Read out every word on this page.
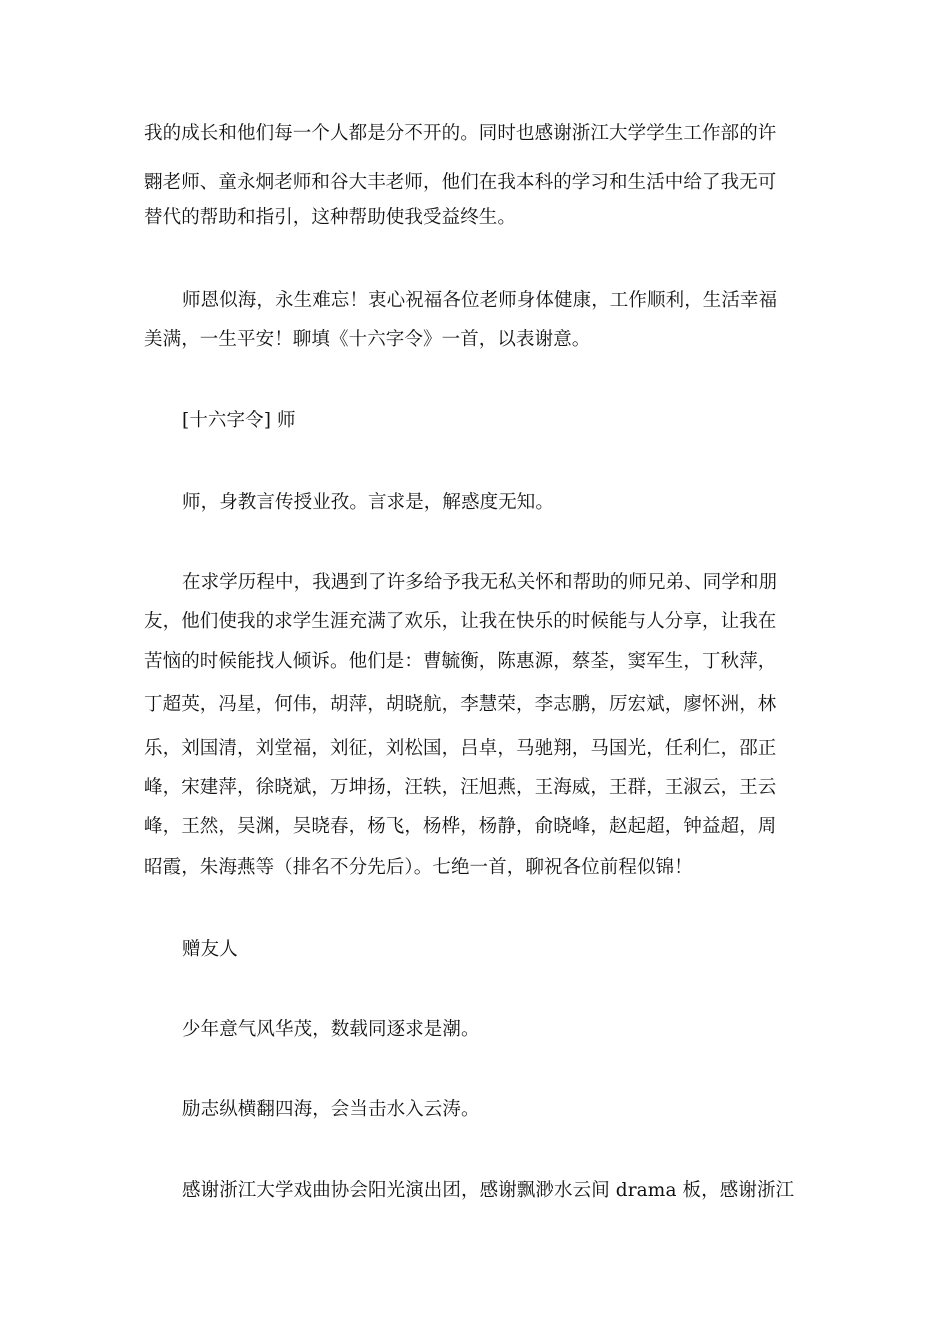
我的成长和他们每一个人都是分不开的。同时也感谢浙江大学学生工作部的许
翾老师、童永炯老师和谷大丰老师，他们在我本科的学习和生活中给了我无可
替代的帮助和指引，这种帮助使我受益终生。
师恩似海，永生难忘！衷心祝福各位老师身体健康，工作顺利，生活幸福
美满，一生平安！聊填《十六字令》一首，以表谢意。
[十六字令] 师
师，身教言传授业孜。言求是，解惑度无知。
在求学历程中，我遇到了许多给予我无私关怀和帮助的师兄弟、同学和朋
友，他们使我的求学生涯充满了欢乐，让我在快乐的时候能与人分享，让我在
苦恼的时候能找人倾诉。他们是：曹毓衡，陈惠源，蔡荃，窦军生，丁秋萍，
丁超英，冯星，何伟，胡萍，胡晓航，李慧荣，李志鹏，厉宏斌，廖怀洲，林
乐，刘国清，刘堂福，刘征，刘松国，吕卓，马驰翔，马国光，任利仁，邵正
峰，宋建萍，徐晓斌，万坤扬，汪轶，汪旭燕，王海威，王群，王淑云，王云
峰，王然，吴渊，吴晓春，杨飞，杨桦，杨静，俞晓峰，赵起超，钟益超，周
昭霞，朱海燕等（排名不分先后）。七绝一首，聊祝各位前程似锦！
赠友人
少年意气风华茂，数载同逐求是潮。
励志纵横翻四海，会当击水入云涛。
感谢浙江大学戏曲协会阳光演出团，感谢飘渺水云间 drama 板，感谢浙江
